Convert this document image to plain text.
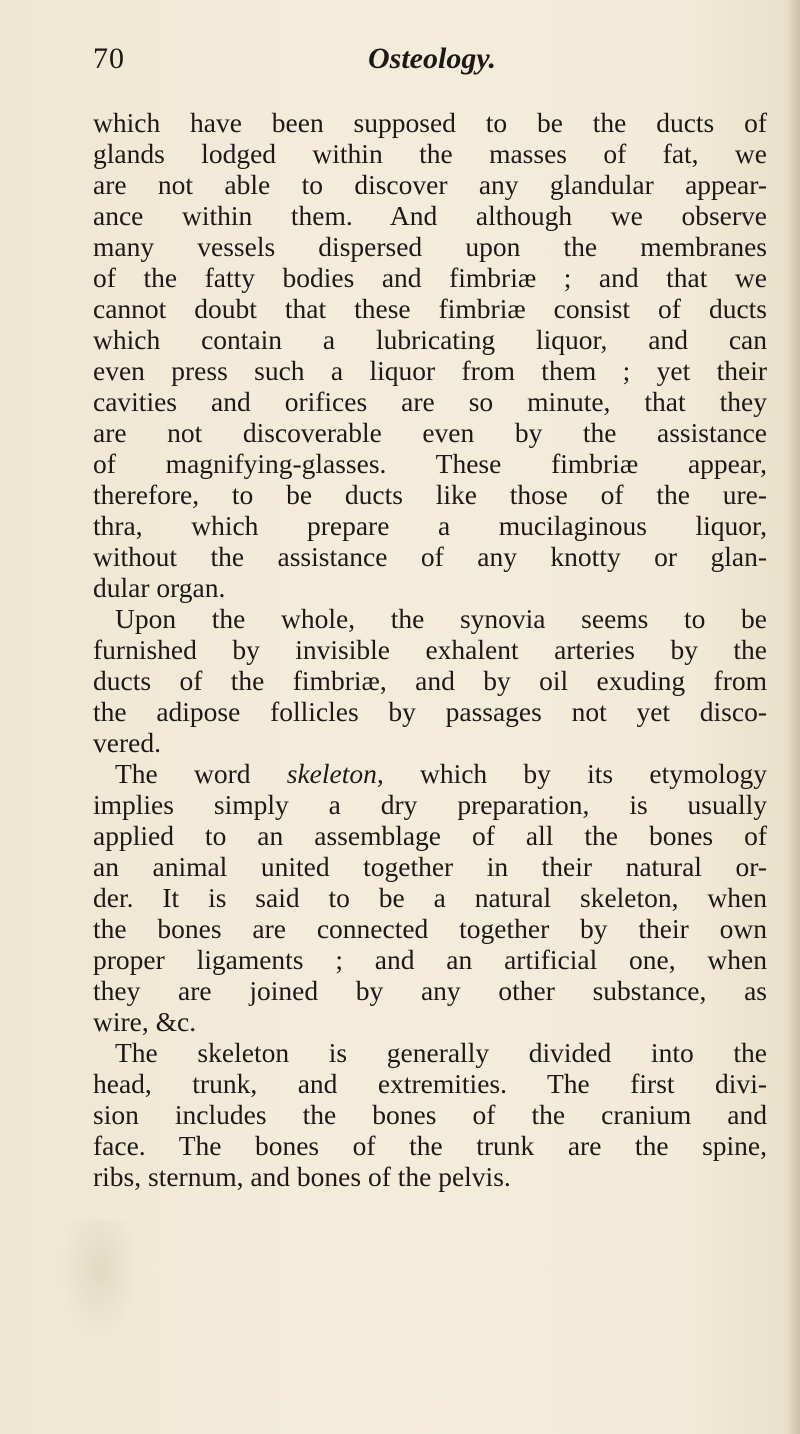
70	Osteology.
which have been supposed to be the ducts of
glands lodged within the masses of fat, we
are not able to discover any glandular appear-
ance within them. And although we observe
many vessels dispersed upon the membranes
of the fatty bodies and fimbriæ ; and that we
cannot doubt that these fimbriæ consist of ducts
which contain a lubricating liquor, and can
even press such a liquor from them ; yet their
cavities and orifices are so minute, that they
are not discoverable even by the assistance
of magnifying-glasses. These fimbriæ appear,
therefore, to be ducts like those of the ure-
thra, which prepare a mucilaginous liquor,
without the assistance of any knotty or glan-
dular organ.
Upon the whole, the synovia seems to be
furnished by invisible exhalent arteries by the
ducts of the fimbriæ, and by oil exuding from
the adipose follicles by passages not yet disco-
vered.
The word skeleton, which by its etymology
implies simply a dry preparation, is usually
applied to an assemblage of all the bones of
an animal united together in their natural or-
der. It is said to be a natural skeleton, when
the bones are connected together by their own
proper ligaments ; and an artificial one, when
they are joined by any other substance, as
wire, &c.
The skeleton is generally divided into the
head, trunk, and extremities. The first divi-
sion includes the bones of the cranium and
face. The bones of the trunk are the spine,
ribs, sternum, and bones of the pelvis.
